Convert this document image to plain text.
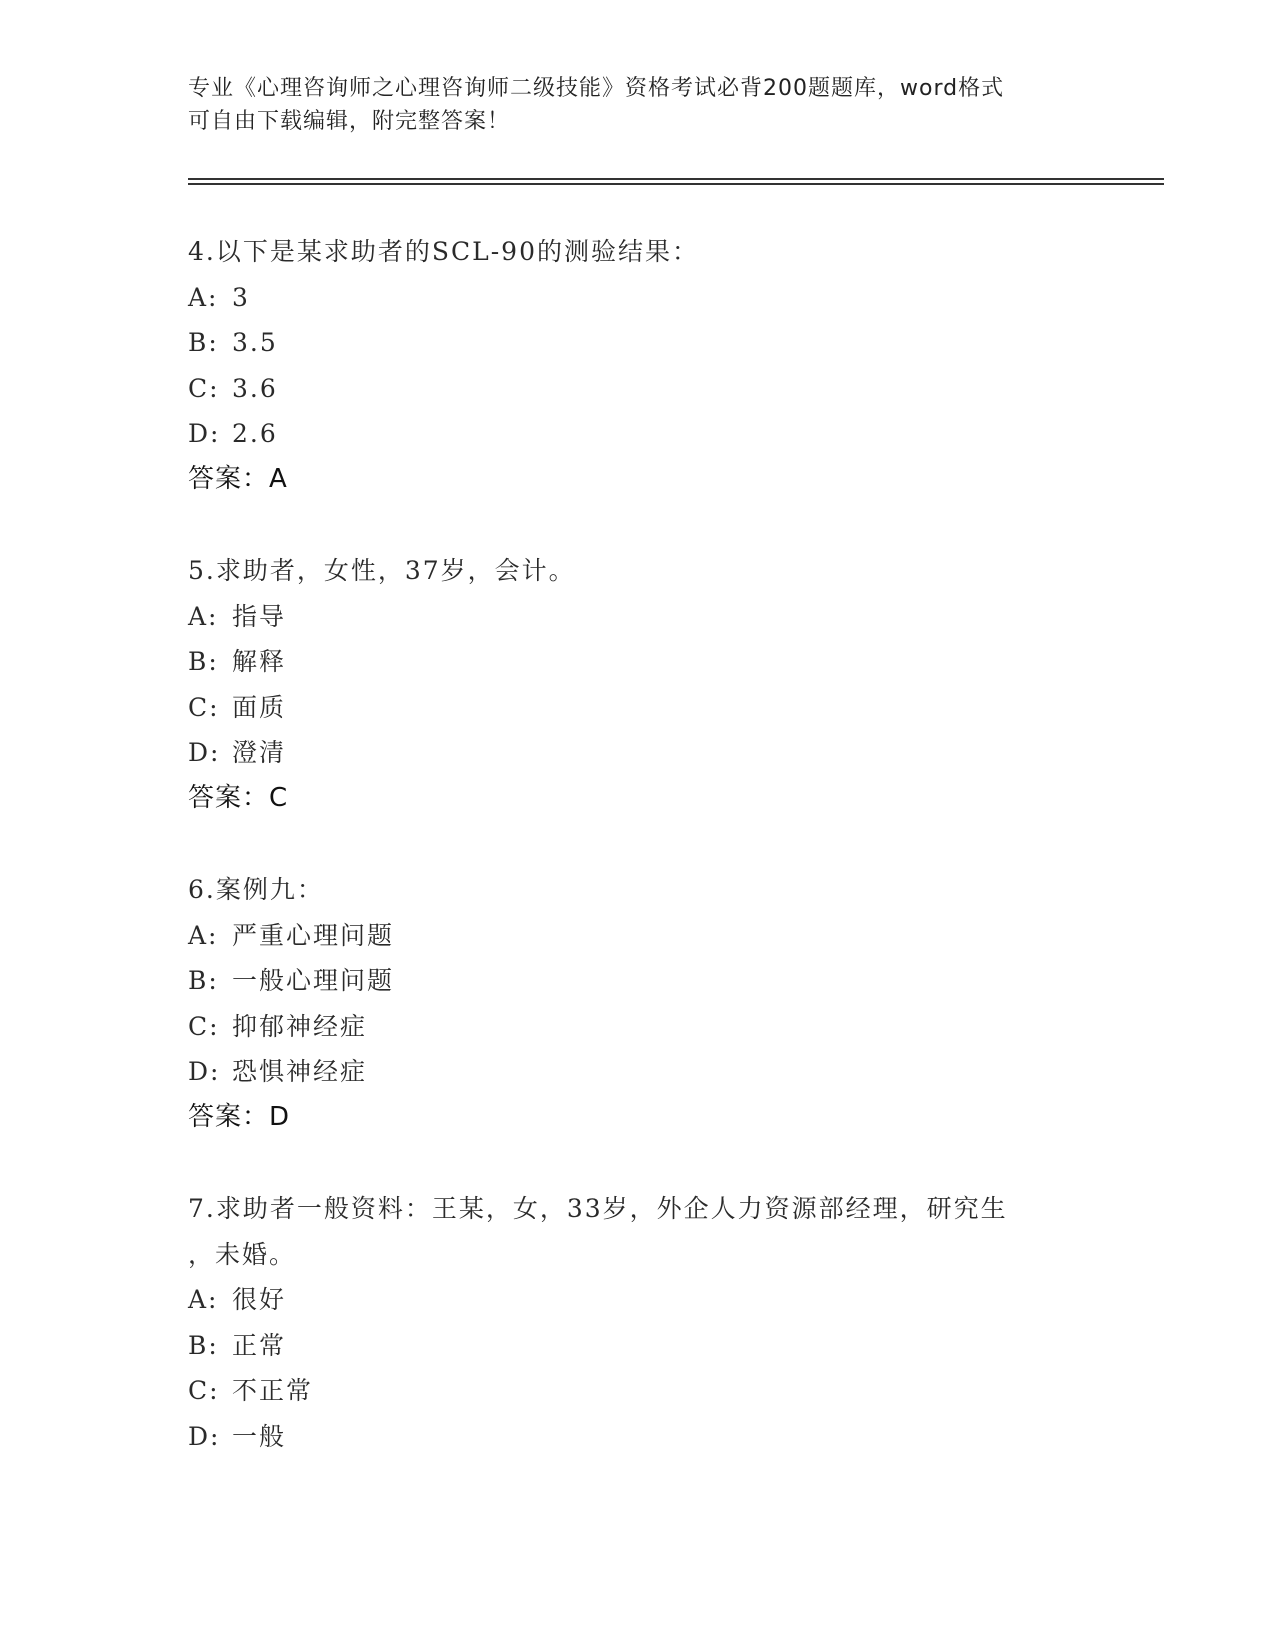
专业《心理咨询师之心理咨询师二级技能》资格考试必背200题题库，word格式
可自由下载编辑，附完整答案！
4.以下是某求助者的SCL-90的测验结果：
A: 3
B: 3.5
C: 3.6
D: 2.6
答案：A
5.求助者，女性，37岁，会计。
A: 指导
B: 解释
C: 面质
D: 澄清
答案：C
6.案例九：
A: 严重心理问题
B: 一般心理问题
C: 抑郁神经症
D: 恐惧神经症
答案：D
7.求助者一般资料：王某，女，33岁，外企人力资源部经理，研究生
，未婚。
A: 很好
B: 正常
C: 不正常
D: 一般
